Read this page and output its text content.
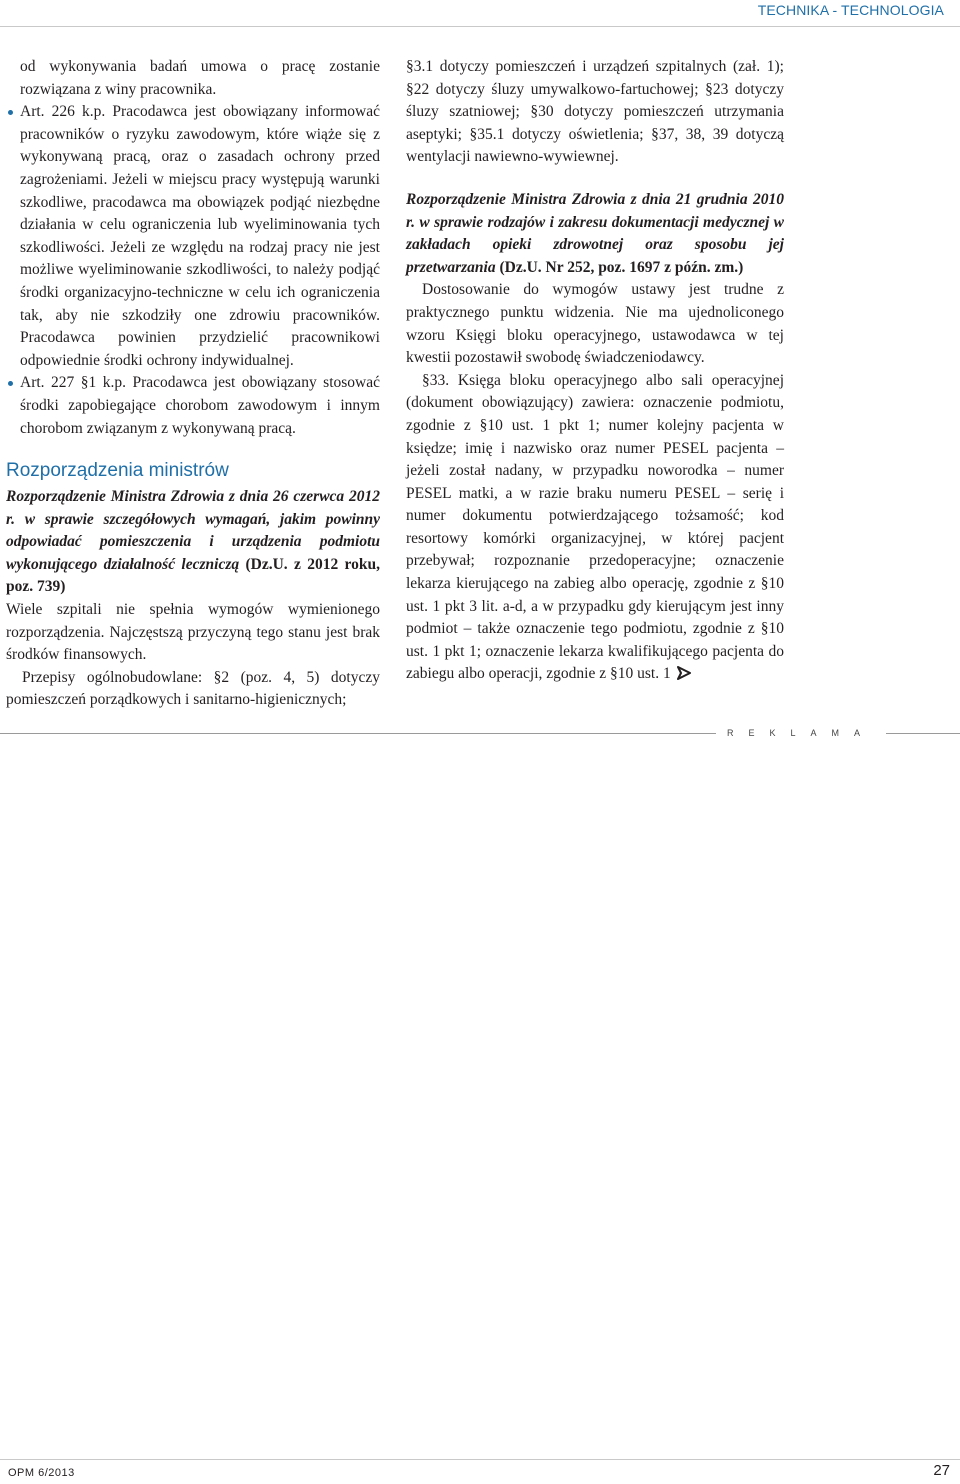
TECHNIKA - TECHNOLOGIA

od wykonywania badań umowa o pracę zostanie rozwiązana z winy pracownika.

Art. 226 k.p. Pracodawca jest obowiązany informować pracowników o ryzyku zawodowym, które wiąże się z wykonywaną pracą, oraz o zasadach ochrony przed zagrożeniami. Jeżeli w miejscu pracy występują warunki szkodliwe, pracodawca ma obowiązek podjąć niezbędne działania w celu ograniczenia lub wyeliminowania tych szkodliwości. Jeżeli ze względu na rodzaj pracy nie jest możliwe wyeliminowanie szkodliwości, to należy podjąć środki organizacyjno-techniczne w celu ich ograniczenia tak, aby nie szkodziły one zdrowiu pracowników. Pracodawca powinien przydzielić pracownikowi odpowiednie środki ochrony indywidualnej.

Art. 227 §1 k.p. Pracodawca jest obowiązany stosować środki zapobiegające chorobom zawodowym i innym chorobom związanym z wykonywaną pracą.

Rozporządzenia ministrów

Rozporządzenie Ministra Zdrowia z dnia 26 czerwca 2012 r. w sprawie szczegółowych wymagań, jakim powinny odpowiadać pomieszczenia i urządzenia podmiotu wykonującego działalność leczniczą (Dz.U. z 2012 roku, poz. 739)

Wiele szpitali nie spełnia wymogów wymienionego rozporządzenia. Najczęstszą przyczyną tego stanu jest brak środków finansowych.

Przepisy ogólnobudowlane: §2 (poz. 4, 5) dotyczy pomieszczeń porządkowych i sanitarno-higienicznych;

§3.1 dotyczy pomieszczeń i urządzeń szpitalnych (zał. 1); §22 dotyczy śluzy umywalkowo-fartuchowej; §23 dotyczy śluzy szatniowej; §30 dotyczy pomieszczeń utrzymania aseptyki; §35.1 dotyczy oświetlenia; §37, 38, 39 dotyczą wentylacji nawiewno-wywiewnej.

Rozporządzenie Ministra Zdrowia z dnia 21 grudnia 2010 r. w sprawie rodzajów i zakresu dokumentacji medycznej w zakładach opieki zdrowotnej oraz sposobu jej przetwarzania (Dz.U. Nr 252, poz. 1697 z późn. zm.)

Dostosowanie do wymogów ustawy jest trudne z praktycznego punktu widzenia. Nie ma ujednoliconego wzoru Księgi bloku operacyjnego, ustawodawca w tej kwestii pozostawił swobodę świadczeniodawcy.

§33. Księga bloku operacyjnego albo sali operacyjnej (dokument obowiązujący) zawiera: oznaczenie podmiotu, zgodnie z §10 ust. 1 pkt 1; numer kolejny pacjenta w księdze; imię i nazwisko oraz numer PESEL pacjenta – jeżeli został nadany, w przypadku noworodka – numer PESEL matki, a w razie braku numeru PESEL – serię i numer dokumentu potwierdzającego tożsamość; kod resortowy komórki organizacyjnej, w której pacjent przebywał; rozpoznanie przedoperacyjne; oznaczenie lekarza kierującego na zabieg albo operację, zgodnie z §10 ust. 1 pkt 3 lit. a-d, a w przypadku gdy kierującym jest inny podmiot – także oznaczenie tego podmiotu, zgodnie z §10 ust. 1 pkt 1; oznaczenie lekarza kwalifikującego pacjenta do zabiegu albo operacji, zgodnie z §10 ust. 1

REKLAMA
OPM 6/2013	27
